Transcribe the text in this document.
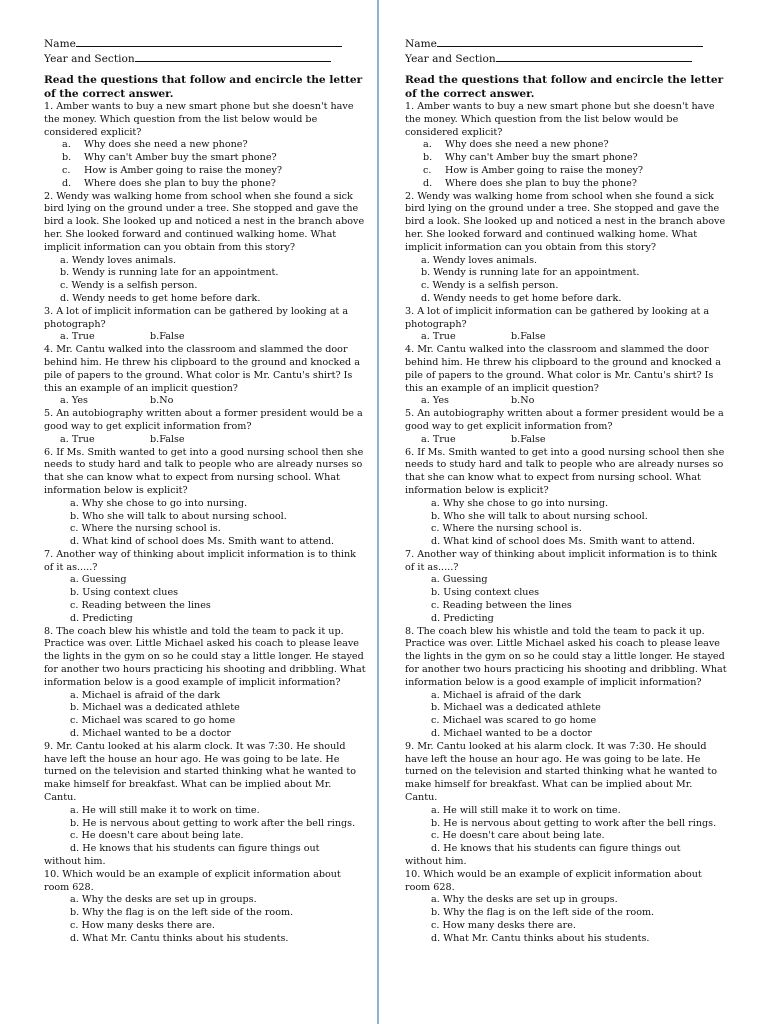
Name
Year and Section
Read the questions that follow and encircle the letter of the correct answer.

1. Amber wants to buy a new smart phone but she doesn't have the money. Which question from the list below would be considered explicit?

a. Why does she need a new phone?
b. Why can't Amber buy the smart phone?
c. How is Amber going to raise the money?
d. Where does she plan to buy the phone?

2. Wendy was walking home from school when she found a sick bird lying on the ground under a tree. She stopped and gave the bird a look. She looked up and noticed a nest in the branch above her. She looked forward and continued walking home. What implicit information can you obtain from this story?

a. Wendy loves animals.
b. Wendy is running late for an appointment.
c. Wendy is a selfish person.
d. Wendy needs to get home before dark.

3. A lot of implicit information can be gathered by looking at a photograph?

a. True	b.False

4. Mr. Cantu walked into the classroom and slammed the door behind him. He threw his clipboard to the ground and knocked a pile of papers to the ground. What color is Mr. Cantu's shirt? Is this an example of an implicit question?

a. Yes	b.No

5. An autobiography written about a former president would be a good way to get explicit information from?

a. True	b.False

6. If Ms. Smith wanted to get into a good nursing school then she needs to study hard and talk to people who are already nurses so that she can know what to expect from nursing school. What information below is explicit?

a. Why she chose to go into nursing.
b. Who she will talk to about nursing school.
c. Where the nursing school is.
d. What kind of school does Ms. Smith want to attend.

7. Another way of thinking about implicit information is to think of it as.....?

a. Guessing
b. Using context clues
c. Reading between the lines
d. Predicting

8. The coach blew his whistle and told the team to pack it up. Practice was over. Little Michael asked his coach to please leave the lights in the gym on so he could stay a little longer. He stayed for another two hours practicing his shooting and dribbling. What information below is a good example of implicit information?

a. Michael is afraid of the dark
b. Michael was a dedicated athlete
c. Michael was scared to go home
d. Michael wanted to be a doctor

9. Mr. Cantu looked at his alarm clock. It was 7:30. He should have left the house an hour ago. He was going to be late. He turned on the television and started thinking what he wanted to make himself for breakfast. What can be implied about Mr. Cantu.

a. He will still make it to work on time.
b. He is nervous about getting to work after the bell rings.
c. He doesn't care about being late.
d. He knows that his students can figure things out
without him.

10. Which would be an example of explicit information about room 628.

a. Why the desks are set up in groups.
b. Why the flag is on the left side of the room.
c. How many desks there are.
d. What Mr. Cantu thinks about his students.
Name
Year and Section
Read the questions that follow and encircle the letter of the correct answer.

1. Amber wants to buy a new smart phone but she doesn't have the money. Which question from the list below would be considered explicit?

a. Why does she need a new phone?
b. Why can't Amber buy the smart phone?
c. How is Amber going to raise the money?
d. Where does she plan to buy the phone?

2. Wendy was walking home from school when she found a sick bird lying on the ground under a tree. She stopped and gave the bird a look. She looked up and noticed a nest in the branch above her. She looked forward and continued walking home. What implicit information can you obtain from this story?

a. Wendy loves animals.
b. Wendy is running late for an appointment.
c. Wendy is a selfish person.
d. Wendy needs to get home before dark.

3. A lot of implicit information can be gathered by looking at a photograph?

a. True	b.False

4. Mr. Cantu walked into the classroom and slammed the door behind him. He threw his clipboard to the ground and knocked a pile of papers to the ground. What color is Mr. Cantu's shirt? Is this an example of an implicit question?

a. Yes	b.No

5. An autobiography written about a former president would be a good way to get explicit information from?

a. True	b.False

6. If Ms. Smith wanted to get into a good nursing school then she needs to study hard and talk to people who are already nurses so that she can know what to expect from nursing school. What information below is explicit?

a. Why she chose to go into nursing.
b. Who she will talk to about nursing school.
c. Where the nursing school is.
d. What kind of school does Ms. Smith want to attend.

7. Another way of thinking about implicit information is to think of it as.....?

a. Guessing
b. Using context clues
c. Reading between the lines
d. Predicting

8. The coach blew his whistle and told the team to pack it up. Practice was over. Little Michael asked his coach to please leave the lights in the gym on so he could stay a little longer. He stayed for another two hours practicing his shooting and dribbling. What information below is a good example of implicit information?

a. Michael is afraid of the dark
b. Michael was a dedicated athlete
c. Michael was scared to go home
d. Michael wanted to be a doctor

9. Mr. Cantu looked at his alarm clock. It was 7:30. He should have left the house an hour ago. He was going to be late. He turned on the television and started thinking what he wanted to make himself for breakfast. What can be implied about Mr. Cantu.

a. He will still make it to work on time.
b. He is nervous about getting to work after the bell rings.
c. He doesn't care about being late.
d. He knows that his students can figure things out
without him.

10. Which would be an example of explicit information about room 628.

a. Why the desks are set up in groups.
b. Why the flag is on the left side of the room.
c. How many desks there are.
d. What Mr. Cantu thinks about his students.
